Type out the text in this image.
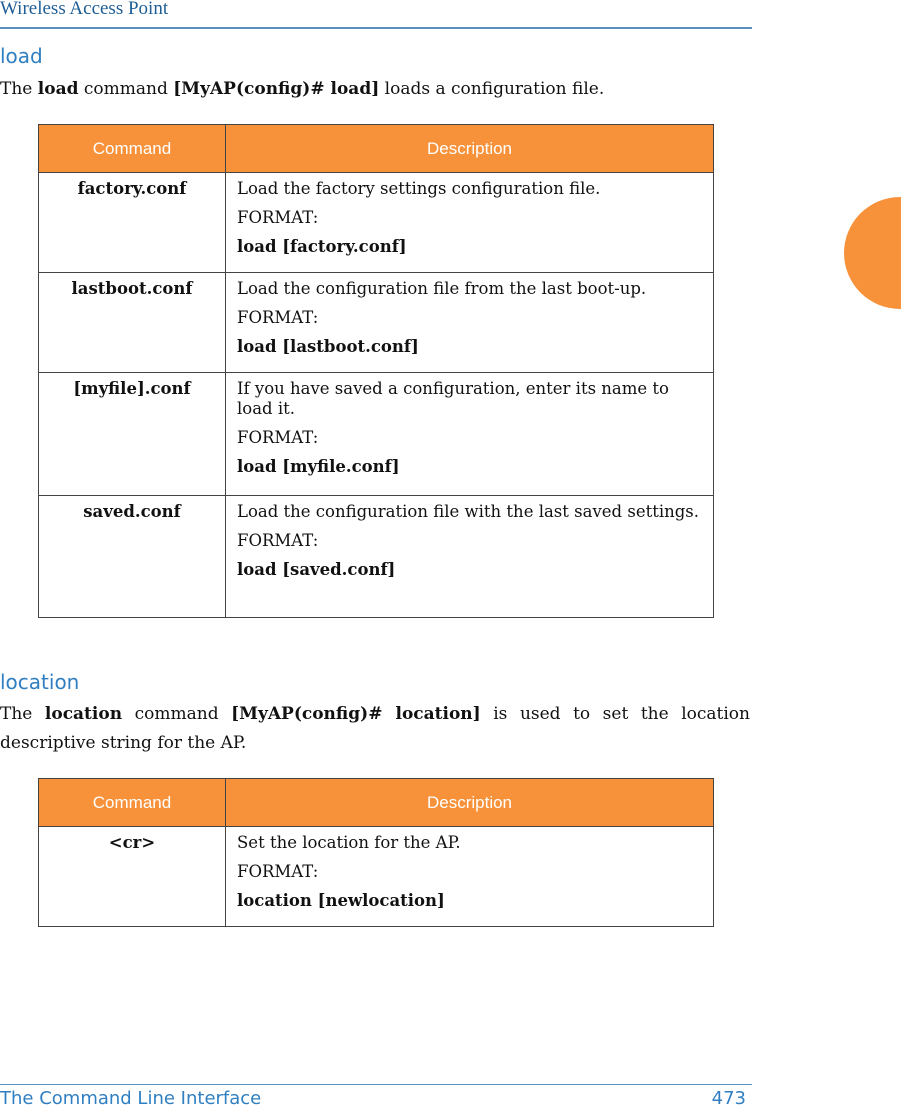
Wireless Access Point
load
The load command [MyAP(config)# load] loads a configuration file.
Command	Description
factory.conf	Load the factory settings configuration file.

FORMAT:

load [factory.conf]

lastboot.conf	Load the configuration file from the last boot-up.

FORMAT:

load [lastboot.conf]

[myfile].conf	If you have saved a configuration, enter its name to load it.

FORMAT:

load [myfile.conf]

saved.conf	Load the configuration file with the last saved settings.

FORMAT:

load [saved.conf]

location
The location command [MyAP(config)# location] is used to set the location descriptive string for the AP.
Command	Description
<cr>	Set the location for the AP.

FORMAT:

location [newlocation]

The Command Line Interface	473
